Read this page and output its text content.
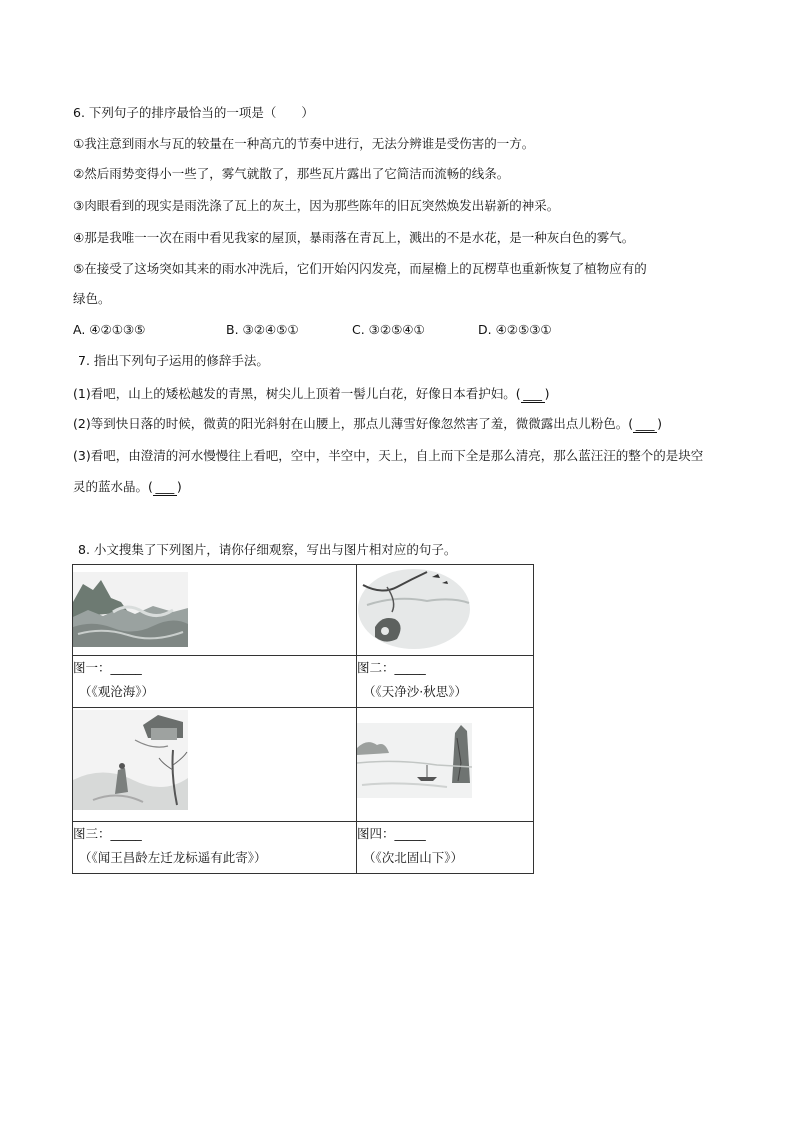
6. 下列句子的排序最恰当的一项是（　　）
①我注意到雨水与瓦的较量在一种高亢的节奏中进行，无法分辨谁是受伤害的一方。
②然后雨势变得小一些了，雾气就散了，那些瓦片露出了它简洁而流畅的线条。
③肉眼看到的现实是雨洗涤了瓦上的灰土，因为那些陈年的旧瓦突然焕发出崭新的神采。
④那是我唯一一次在雨中看见我家的屋顶，暴雨落在青瓦上，溅出的不是水花，是一种灰白色的雾气。
⑤在接受了这场突如其来的雨水冲洗后，它们开始闪闪发亮，而屋檐上的瓦楞草也重新恢复了植物应有的
绿色。
A. ④②①③⑤	B. ③②④⑤①	C. ③②⑤④①	D. ④②⑤③①
7. 指出下列句子运用的修辞手法。
(1)看吧，山上的矮松越发的青黑，树尖儿上顶着一髻儿白花，好像日本看护妇。( ___ )
(2)等到快日落的时候，微黄的阳光斜射在山腰上，那点儿薄雪好像忽然害了羞，微微露出点儿粉色。( ___ )
(3)看吧，由澄清的河水慢慢往上看吧，空中，半空中，天上，自上而下全是那么清亮，那么蓝汪汪的整个的是块空
灵的蓝水晶。( ___ )
8. 小文搜集了下列图片，请你仔细观察，写出与图片相对应的句子。

图一：_____
（《观沧海》）	图二：_____
（《天净沙·秋思》）

图三：_____
（《闻王昌龄左迁龙标遥有此寄》）	图四：_____
（《次北固山下》）
